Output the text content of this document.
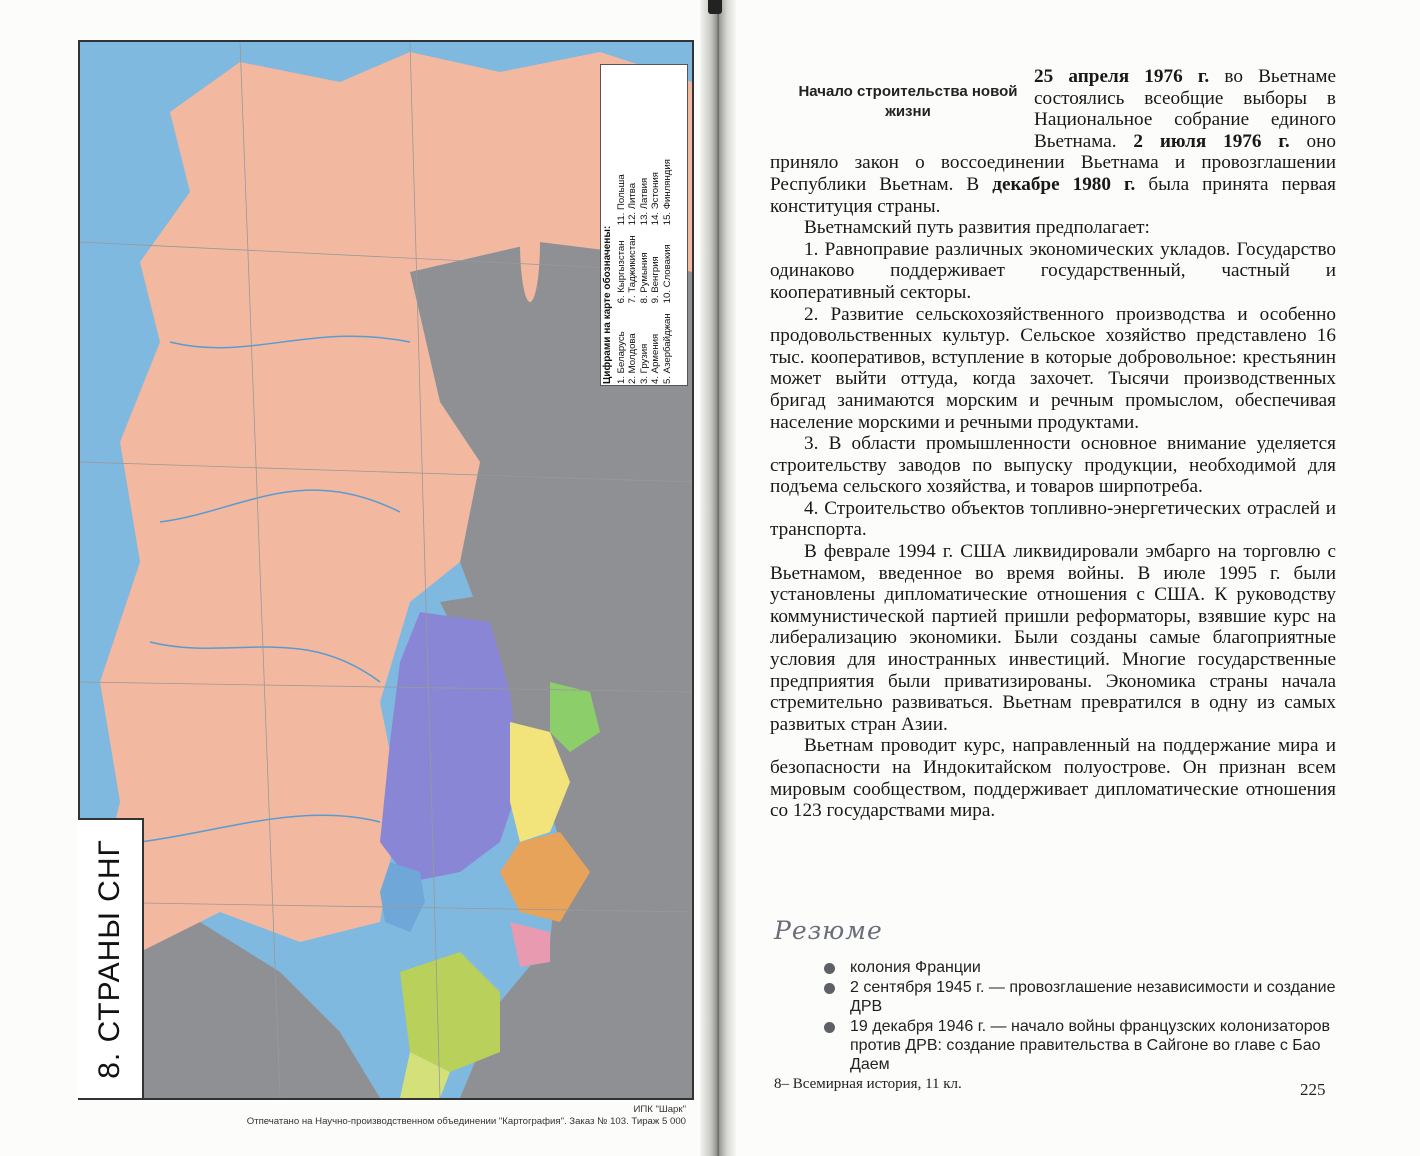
Цифрами на карте обозначены: 1. Беларусь 2. Молдова 3. Грузия 4. Армения 5. Азербайджан
6. Кыргызстан 7. Таджикистан 8. Румыния 9. Венгрия 10. Словакия
11. Польша 12. Литва 13. Латвия 14. Эстония 15. Финляндия
8. СТРАНЫ СНГ
ИПК "Шарк"
Отпечатано на Научно-производственном объединении "Картография". Заказ № 103. Тираж 5 000

25 апреля 1976 г. во Вьетнаме состоялись всеобщие выборы в Национальное собрание единого Вьетнама. 2 июля 1976 г. оно приняло закон о воссоединении Вьетнама и провозглашении Республики Вьетнам. В декабре 1980 г. была принята первая конституция страны.

Вьетнамский путь развития предполагает:

1. Равноправие различных экономических укладов. Государство одинаково поддерживает государственный, частный и кооперативный секторы.

2. Развитие сельскохозяйственного производства и особенно продовольственных культур. Сельское хозяйство представлено 16 тыс. кооперативов, вступление в которые добровольное: крестьянин может выйти оттуда, когда захочет. Тысячи производственных бригад занимаются морским и речным промыслом, обеспечивая население морскими и речными продуктами.

3. В области промышленности основное внимание уделяется строительству заводов по выпуску продукции, необходимой для подъема сельского хозяйства, и товаров ширпотреба.

4. Строительство объектов топливно-энергетических отраслей и транспорта.

В феврале 1994 г. США ликвидировали эмбарго на торговлю с Вьетнамом, введенное во время войны. В июле 1995 г. были установлены дипломатические отношения с США. К руководству коммунистической партией пришли реформаторы, взявшие курс на либерализацию экономики. Были созданы самые благоприятные условия для иностранных инвестиций. Многие государственные предприятия были приватизированы. Экономика страны начала стремительно развиваться. Вьетнам превратился в одну из самых развитых стран Азии.

Вьетнам проводит курс, направленный на поддержание мира и безопасности на Индокитайском полуострове. Он признан всем мировым сообществом, поддерживает дипломатические отношения со 123 государствами мира.

Начало строительства новой жизни
Резюме
колония Франции
2 сентября 1945 г. — провозглашение независимости и создание ДРВ
19 декабря 1946 г. — начало войны французских колонизаторов против ДРВ: создание правительства в Сайгоне во главе с Бао Даем
8– Всемирная история, 11 кл.	225
